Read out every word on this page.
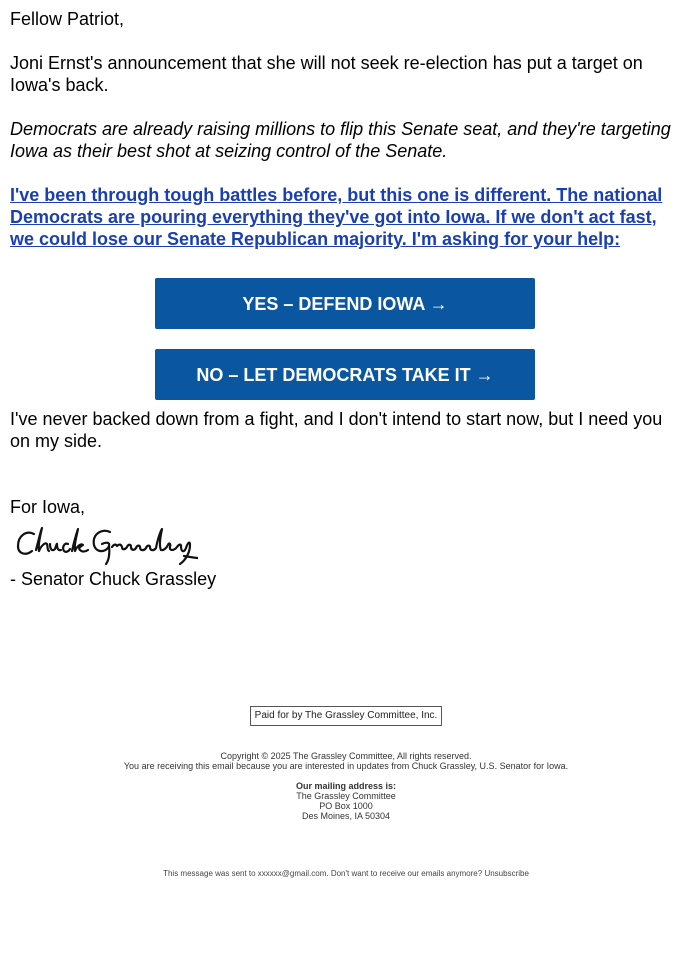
Fellow Patriot,

Joni Ernst's announcement that she will not seek re-election has put a target on Iowa's back.

Democrats are already raising millions to flip this Senate seat, and they're targeting Iowa as their best shot at seizing control of the Senate.

I've been through tough battles before, but this one is different. The national Democrats are pouring everything they've got into Iowa. If we don't act fast, we could lose our Senate Republican majority. I'm asking for your help:

YES – DEFEND IOWA →
NO – LET DEMOCRATS TAKE IT →

I've never backed down from a fight, and I don't intend to start now, but I need you on my side.

For Iowa,

- Senator Chuck Grassley

Paid for by The Grassley Committee, Inc.
Copyright © 2025 The Grassley Committee, All rights reserved.
You are receiving this email because you are interested in updates from Chuck Grassley, U.S. Senator for Iowa.
Our mailing address is:
The Grassley Committee
PO Box 1000
Des Moines, IA 50304
This message was sent to xxxxxx@gmail.com. Don't want to receive our emails anymore? Unsubscribe
